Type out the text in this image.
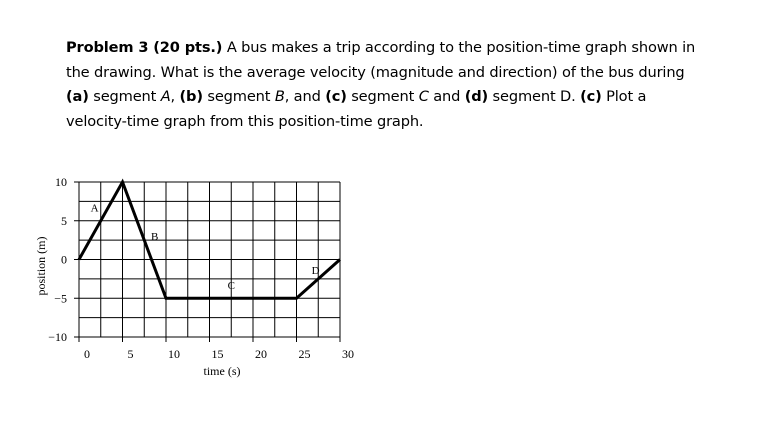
Problem 3 (20 pts.) A bus makes a trip according to the position-time graph shown in the drawing. What is the average velocity (magnitude and direction) of the bus during (a) segment A, (b) segment B, and (c) segment C and (d) segment D. (c) Plot a velocity-time graph from this position-time graph.
0	5	10	15	20	25	30
10
5
0
−5
−10
A
B
C
D
time (s)
position (m)
